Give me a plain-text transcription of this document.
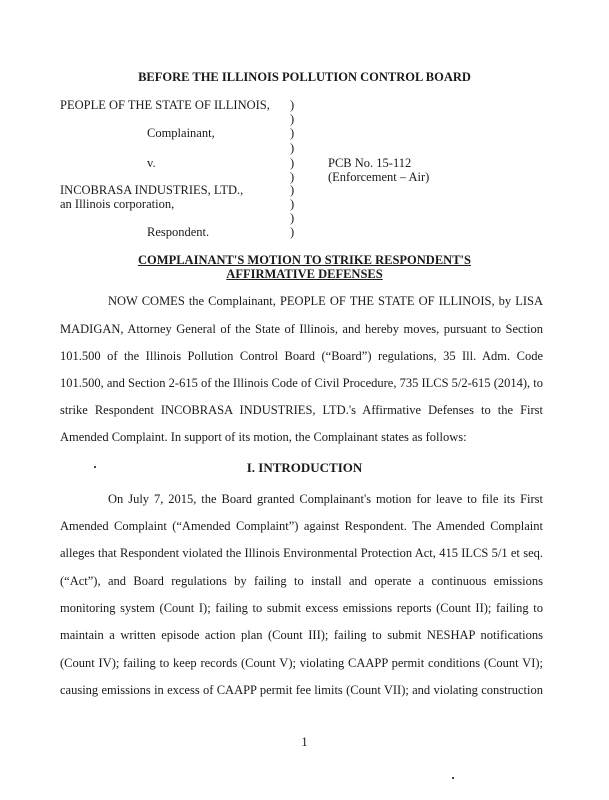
BEFORE THE ILLINOIS POLLUTION CONTROL BOARD
PEOPLE OF THE STATE OF ILLINOIS,
Complainant,
v.
INCOBRASA INDUSTRIES, LTD.,
an Illinois corporation,
Respondent.
PCB No. 15-112
(Enforcement – Air)
)
)
)
)
)
)
)
)
)
)
COMPLAINANT'S MOTION TO STRIKE RESPONDENT'S
AFFIRMATIVE DEFENSES
NOW COMES the Complainant, PEOPLE OF THE STATE OF ILLINOIS, by LISA
MADIGAN, Attorney General of the State of Illinois, and hereby moves, pursuant to Section
101.500 of the Illinois Pollution Control Board (“Board”) regulations, 35 Ill. Adm. Code
101.500, and Section 2-615 of the Illinois Code of Civil Procedure, 735 ILCS 5/2-615 (2014), to
strike Respondent INCOBRASA INDUSTRIES, LTD.'s Affirmative Defenses to the First
Amended Complaint. In support of its motion, the Complainant states as follows:
I. INTRODUCTION
On July 7, 2015, the Board granted Complainant's motion for leave to file its First
Amended Complaint (“Amended Complaint”) against Respondent. The Amended Complaint
alleges that Respondent violated the Illinois Environmental Protection Act, 415 ILCS 5/1 et seq.
(“Act”), and Board regulations by failing to install and operate a continuous emissions
monitoring system (Count I); failing to submit excess emissions reports (Count II); failing to
maintain a written episode action plan (Count III); failing to submit NESHAP notifications
(Count IV); failing to keep records (Count V); violating CAAPP permit conditions (Count VI);
causing emissions in excess of CAAPP permit fee limits (Count VII); and violating construction
1
